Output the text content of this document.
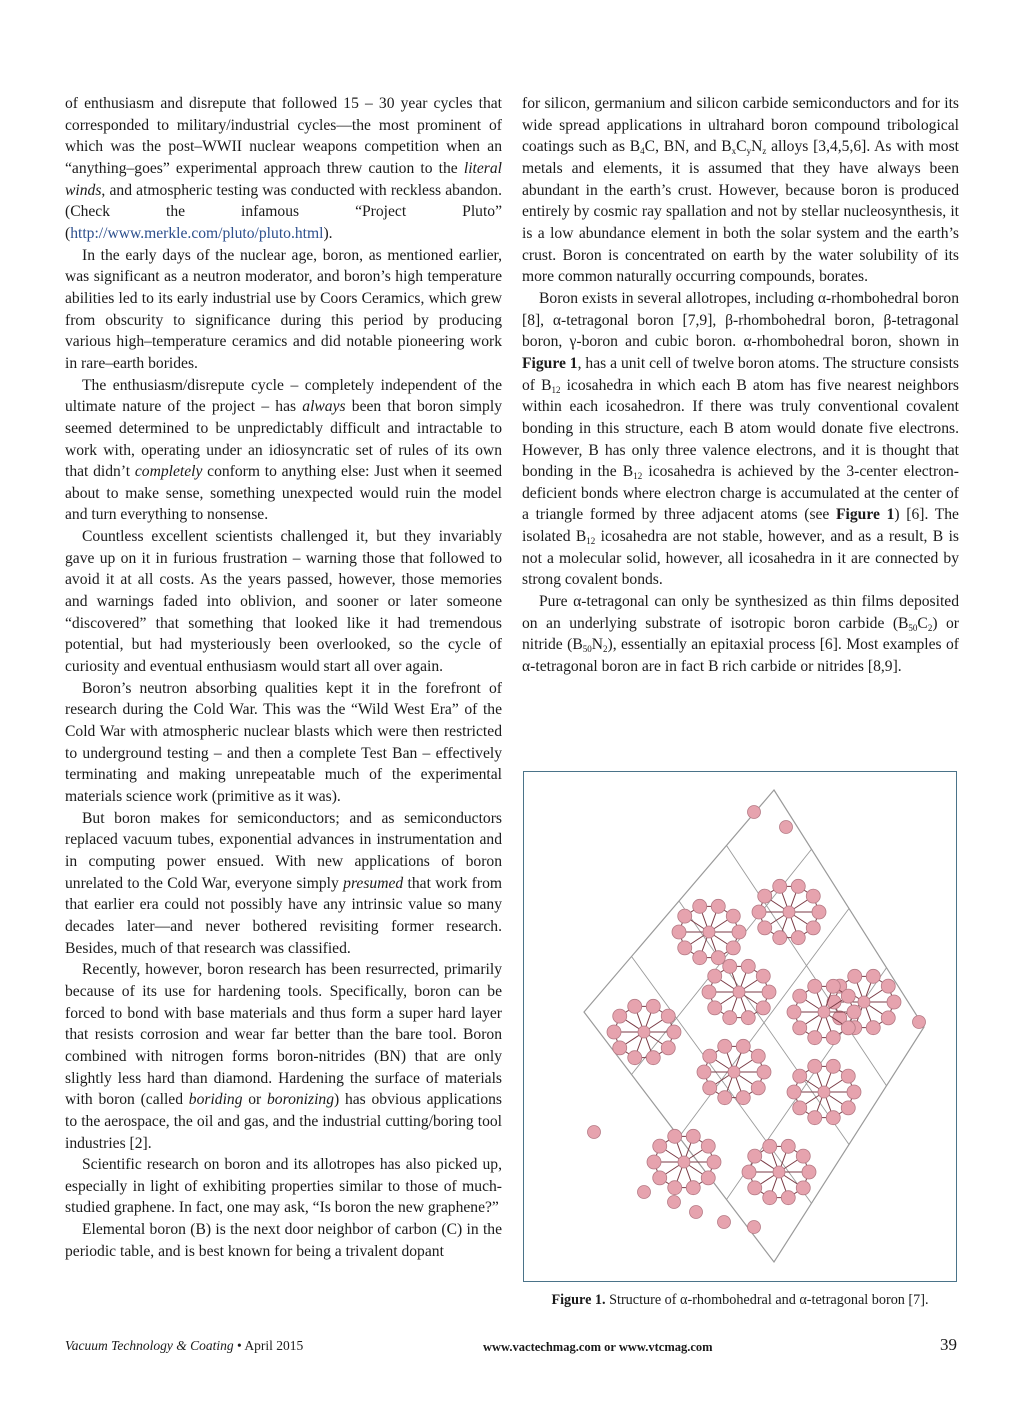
of enthusiasm and disrepute that followed 15 – 30 year cycles that corresponded to military/industrial cycles—the most prominent of which was the post–WWII nuclear weapons competition when an “anything–goes” experimental approach threw caution to the literal winds, and atmospheric testing was conducted with reckless abandon. (Check the infamous “Project Pluto” (http://www.merkle.com/pluto/pluto.html).

In the early days of the nuclear age, boron, as mentioned earlier, was significant as a neutron moderator, and boron’s high temperature abilities led to its early industrial use by Coors Ceramics, which grew from obscurity to significance during this period by producing various high–temperature ceramics and did notable pioneering work in rare–earth borides.

The enthusiasm/disrepute cycle – completely independent of the ultimate nature of the project – has always been that boron simply seemed determined to be unpredictably difficult and intractable to work with, operating under an idiosyncratic set of rules of its own that didn’t completely conform to anything else: Just when it seemed about to make sense, something unexpected would ruin the model and turn everything to nonsense.

Countless excellent scientists challenged it, but they invariably gave up on it in furious frustration – warning those that followed to avoid it at all costs. As the years passed, however, those memories and warnings faded into oblivion, and sooner or later someone “discovered” that something that looked like it had tremendous potential, but had mysteriously been overlooked, so the cycle of curiosity and eventual enthusiasm would start all over again.

Boron’s neutron absorbing qualities kept it in the forefront of research during the Cold War. This was the “Wild West Era” of the Cold War with atmospheric nuclear blasts which were then restricted to underground testing – and then a complete Test Ban – effectively terminating and making unrepeatable much of the experimental materials science work (primitive as it was).

But boron makes for semiconductors; and as semiconductors replaced vacuum tubes, exponential advances in instrumentation and in computing power ensued. With new applications of boron unrelated to the Cold War, everyone simply presumed that work from that earlier era could not possibly have any intrinsic value so many decades later—and never bothered revisiting former research. Besides, much of that research was classified.

Recently, however, boron research has been resurrected, primarily because of its use for hardening tools. Specifically, boron can be forced to bond with base materials and thus form a super hard layer that resists corrosion and wear far better than the bare tool. Boron combined with nitrogen forms boron-nitrides (BN) that are only slightly less hard than diamond. Hardening the surface of materials with boron (called boriding or boronizing) has obvious applications to the aerospace, the oil and gas, and the industrial cutting/boring tool industries [2].

Scientific research on boron and its allotropes has also picked up, especially in light of exhibiting properties similar to those of much-studied graphene. In fact, one may ask, “Is boron the new graphene?”

Elemental boron (B) is the next door neighbor of carbon (C) in the periodic table, and is best known for being a trivalent dopant

for silicon, germanium and silicon carbide semiconductors and for its wide spread applications in ultrahard boron compound tribological coatings such as $B_4C$, BN, and $B_xC_yN_z$ alloys [3,4,5,6]. As with most metals and elements, it is assumed that they have always been abundant in the earth’s crust. However, because boron is produced entirely by cosmic ray spallation and not by stellar nucleosynthesis, it is a low abundance element in both the solar system and the earth’s crust. Boron is concentrated on earth by the water solubility of its more common naturally occurring compounds, borates.

Boron exists in several allotropes, including α-rhombohedral boron [8], α-tetragonal boron [7,9], β-rhombohedral boron, β-tetragonal boron, γ-boron and cubic boron. α-rhombohedral boron, shown in Figure 1, has a unit cell of twelve boron atoms. The structure consists of $B_{12}$ icosahedra in which each B atom has five nearest neighbors within each icosahedron. If there was truly conventional covalent bonding in this structure, each B atom would donate five electrons. However, B has only three valence electrons, and it is thought that bonding in the $B_{12}$ icosahedra is achieved by the 3-center electron-deficient bonds where electron charge is accumulated at the center of a triangle formed by three adjacent atoms (see Figure 1) [6]. The isolated $B_{12}$ icosahedra are not stable, however, and as a result, B is not a molecular solid, however, all icosahedra in it are connected by strong covalent bonds.

Pure α-tetragonal can only be synthesized as thin films deposited on an underlying substrate of isotropic boron carbide $(B_{50}C_2)$ or nitride $(B_{50}N_2)$, essentially an epitaxial process [6]. Most examples of α-tetragonal boron are in fact B rich carbide or nitrides [8,9].

Figure 1. Structure of α-rhombohedral and α-tetragonal boron [7].
Vacuum Technology & Coating • April 2015	www.vactechmag.com or www.vtcmag.com	39
